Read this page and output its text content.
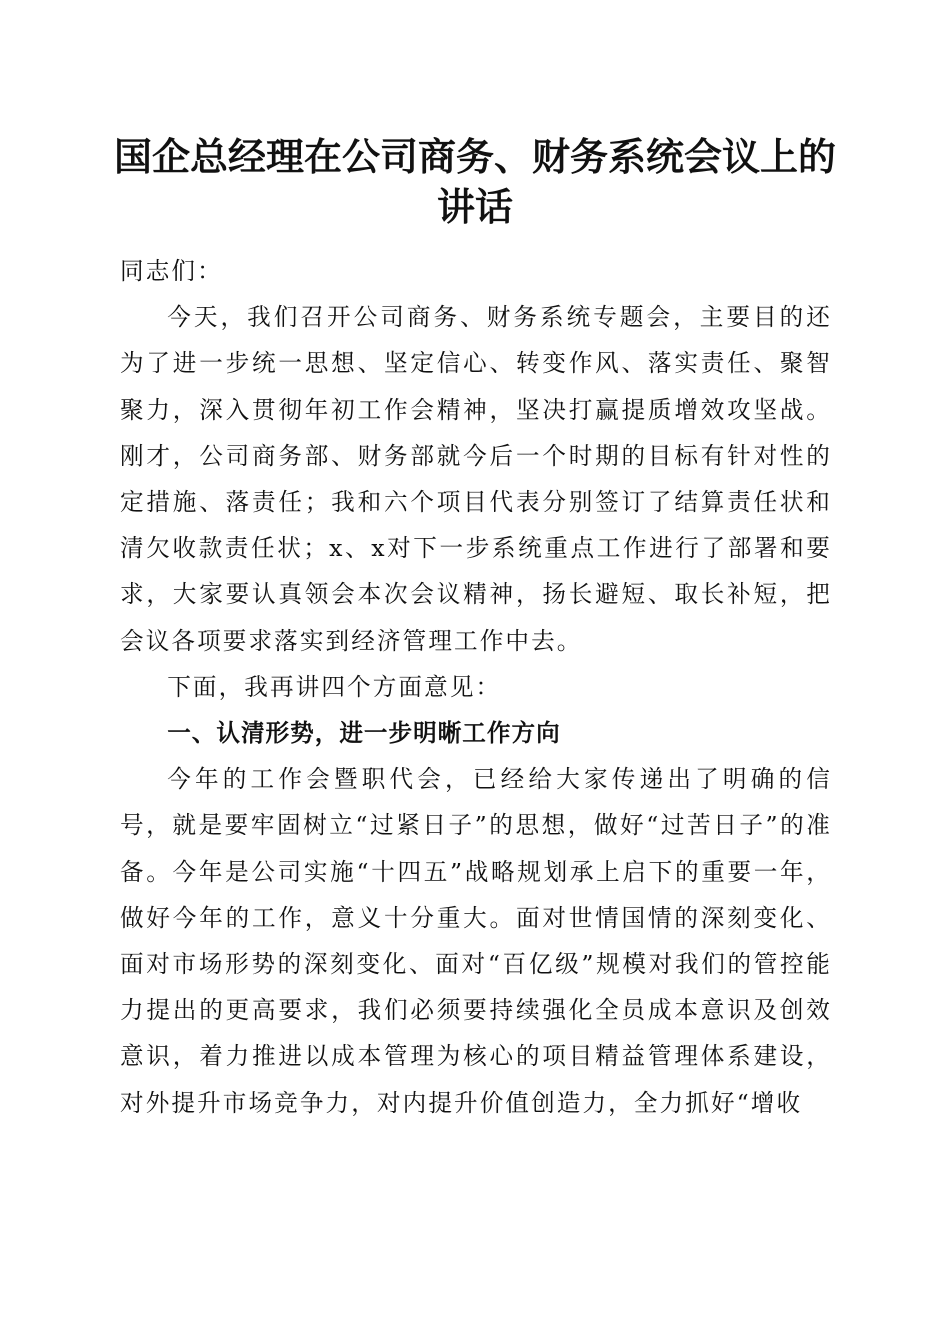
国企总经理在公司商务、财务系统会议上的讲话

同志们：

今天，我们召开公司商务、财务系统专题会，主要目的还为了进一步统一思想、坚定信心、转变作风、落实责任、聚智聚力，深入贯彻年初工作会精神，坚决打赢提质增效攻坚战。刚才，公司商务部、财务部就今后一个时期的目标有针对性的定措施、落责任；我和六个项目代表分别签订了结算责任状和清欠收款责任状；x、x对下一步系统重点工作进行了部署和要求，大家要认真领会本次会议精神，扬长避短、取长补短，把会议各项要求落实到经济管理工作中去。

下面，我再讲四个方面意见：

一、认清形势，进一步明晰工作方向

今年的工作会暨职代会，已经给大家传递出了明确的信号，就是要牢固树立“过紧日子”的思想，做好“过苦日子”的准备。今年是公司实施“十四五”战略规划承上启下的重要一年，做好今年的工作，意义十分重大。面对世情国情的深刻变化、面对市场形势的深刻变化、面对“百亿级”规模对我们的管控能力提出的更高要求，我们必须要持续强化全员成本意识及创效意识，着力推进以成本管理为核心的项目精益管理体系建设，对外提升市场竞争力，对内提升价值创造力，全力抓好“增收
